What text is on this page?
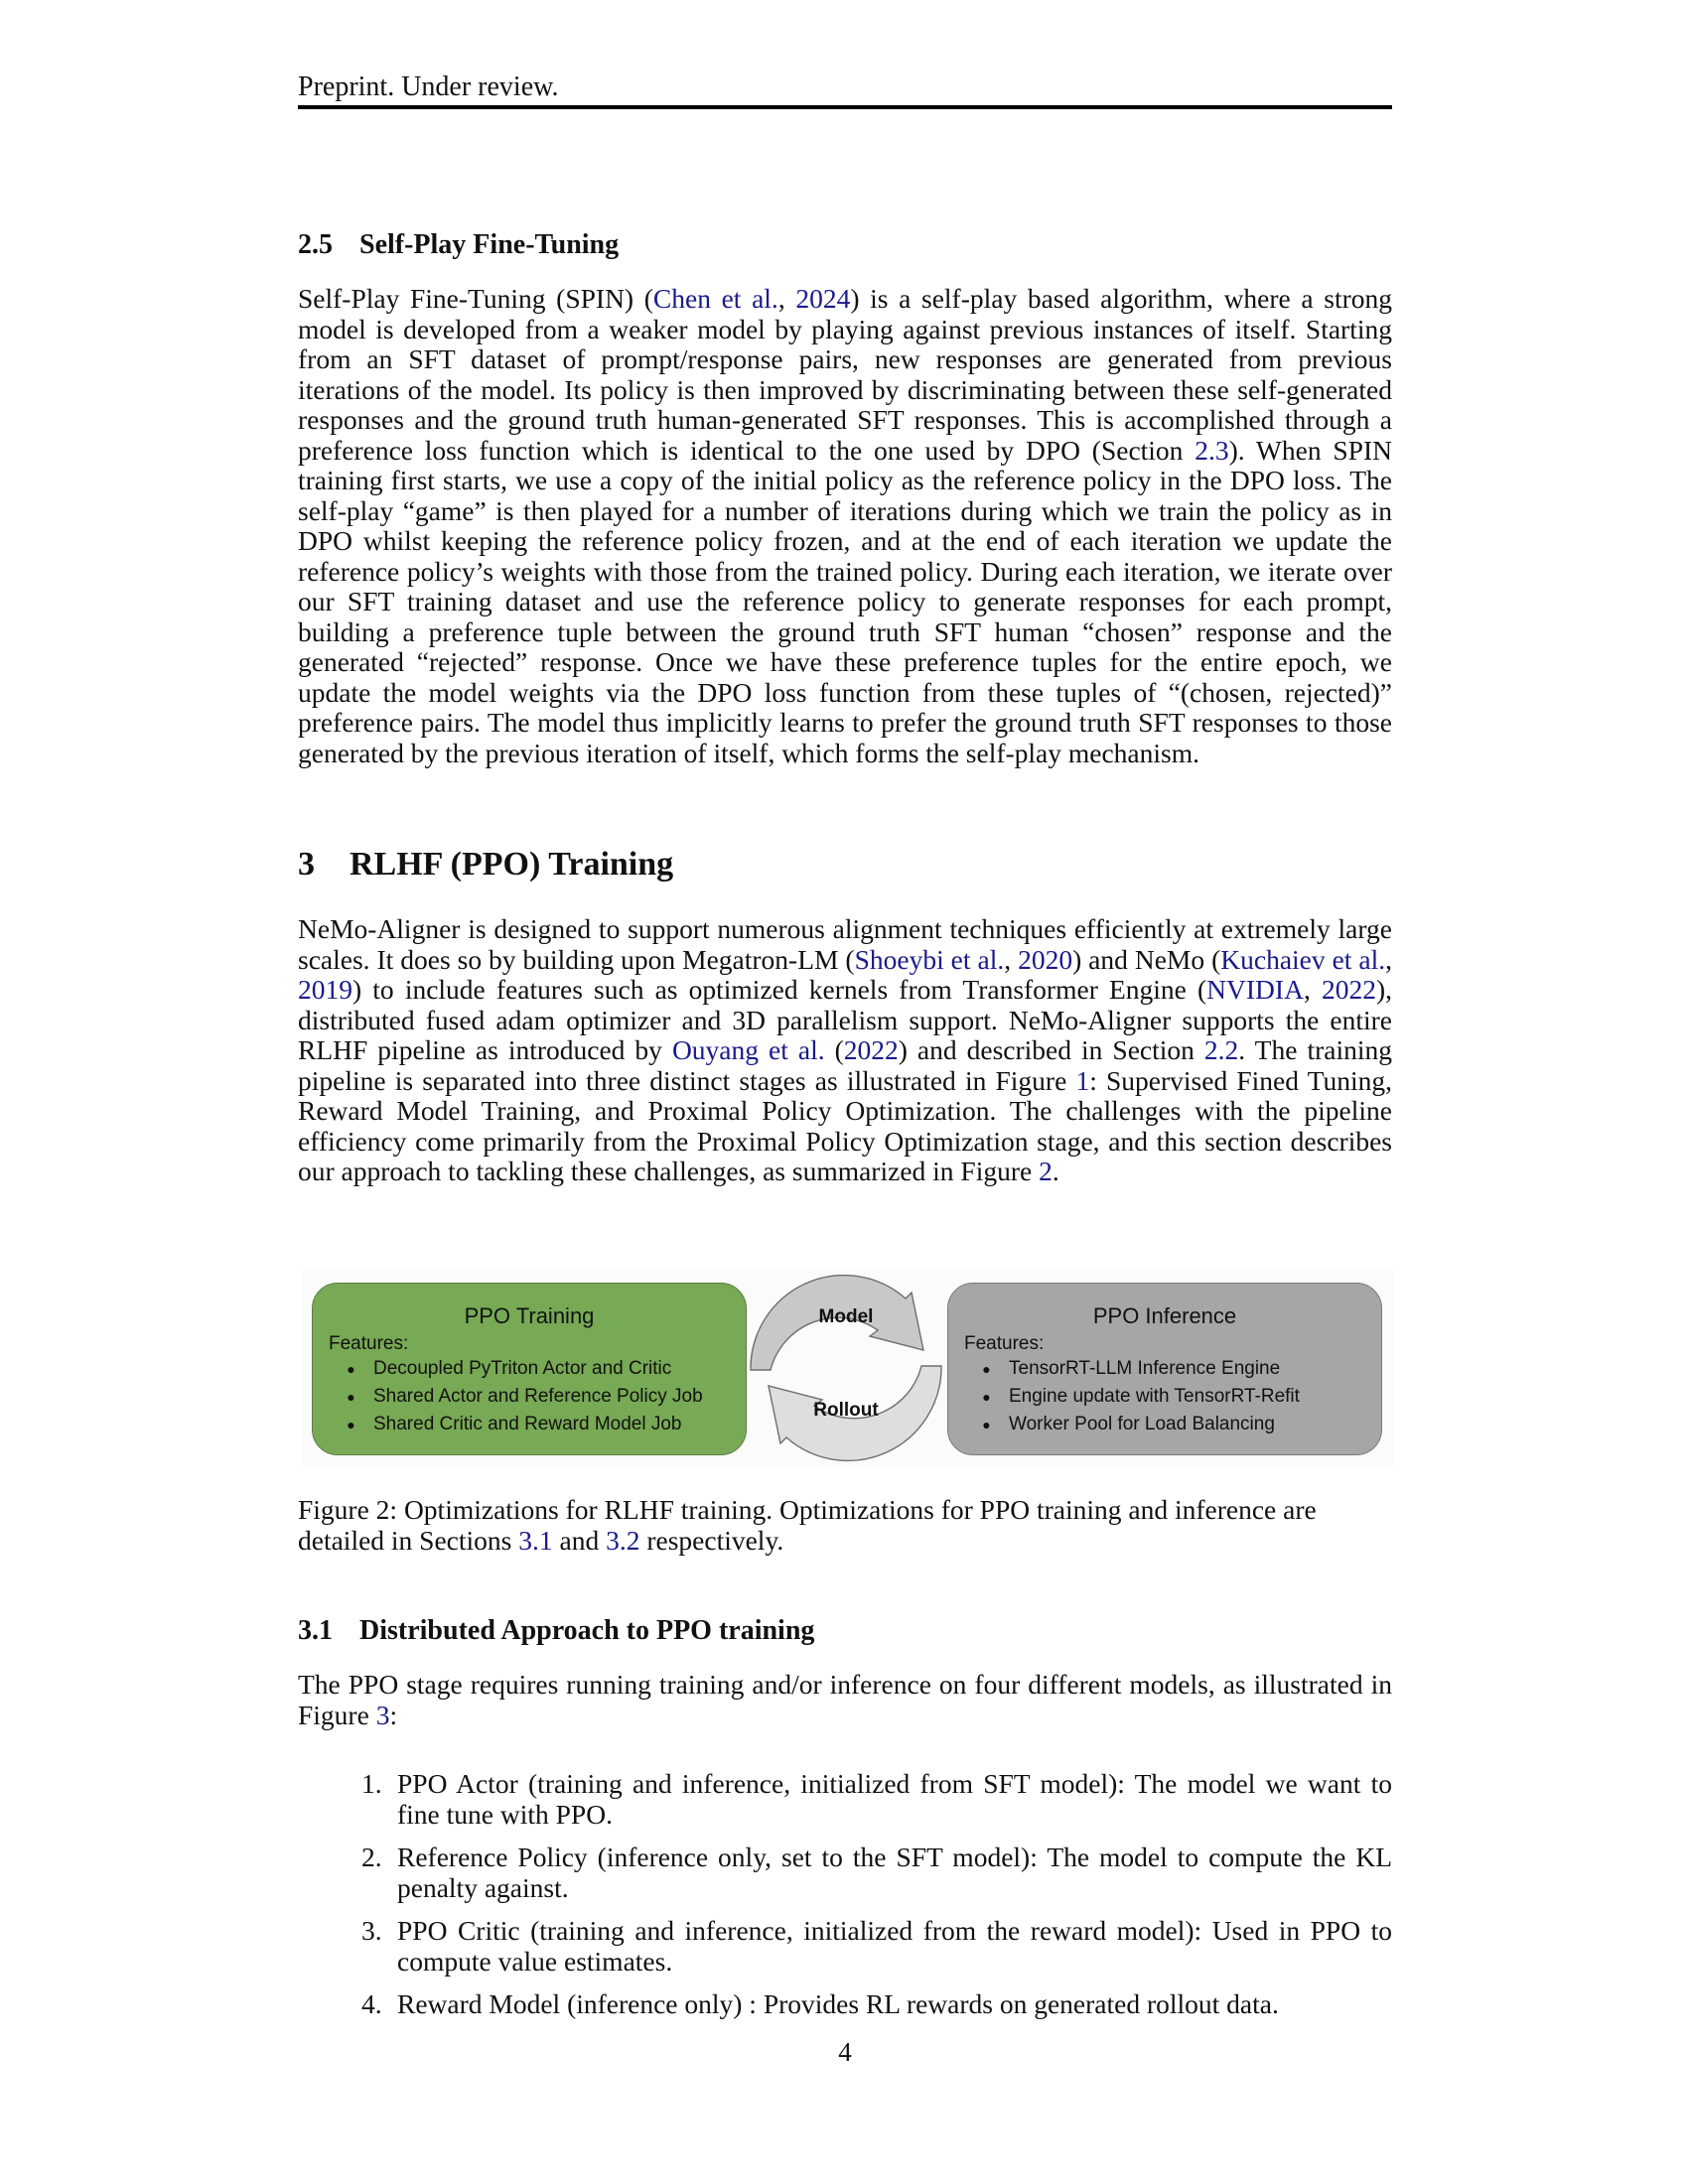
Preprint. Under review.
2.5 Self-Play Fine-Tuning
Self-Play Fine-Tuning (SPIN) (Chen et al., 2024) is a self-play based algorithm, where a strong model is developed from a weaker model by playing against previous instances of itself. Starting from an SFT dataset of prompt/response pairs, new responses are generated from previous iterations of the model. Its policy is then improved by discriminating between these self-generated responses and the ground truth human-generated SFT responses. This is accomplished through a preference loss function which is identical to the one used by DPO (Section 2.3). When SPIN training first starts, we use a copy of the initial policy as the reference policy in the DPO loss. The self-play “game” is then played for a number of iterations during which we train the policy as in DPO whilst keeping the reference policy frozen, and at the end of each iteration we update the reference policy’s weights with those from the trained policy. During each iteration, we iterate over our SFT training dataset and use the reference policy to generate responses for each prompt, building a preference tuple between the ground truth SFT human “chosen” response and the generated “rejected” response. Once we have these preference tuples for the entire epoch, we update the model weights via the DPO loss function from these tuples of “(chosen, rejected)” preference pairs. The model thus implicitly learns to prefer the ground truth SFT responses to those generated by the previous iteration of itself, which forms the self-play mechanism.
3 RLHF (PPO) Training
NeMo-Aligner is designed to support numerous alignment techniques efficiently at extremely large scales. It does so by building upon Megatron-LM (Shoeybi et al., 2020) and NeMo (Kuchaiev et al., 2019) to include features such as optimized kernels from Transformer Engine (NVIDIA, 2022), distributed fused adam optimizer and 3D parallelism support. NeMo-Aligner supports the entire RLHF pipeline as introduced by Ouyang et al. (2022) and described in Section 2.2. The training pipeline is separated into three distinct stages as illustrated in Figure 1: Supervised Fined Tuning, Reward Model Training, and Proximal Policy Optimization. The challenges with the pipeline efficiency come primarily from the Proximal Policy Optimization stage, and this section describes our approach to tackling these challenges, as summarized in Figure 2.
PPO Training
Features:
● Decoupled PyTriton Actor and Critic
● Shared Actor and Reference Policy Job
● Shared Critic and Reward Model Job
Model
Rollout
PPO Inference
Features:
● TensorRT-LLM Inference Engine
● Engine update with TensorRT-Refit
● Worker Pool for Load Balancing
Figure 2: Optimizations for RLHF training. Optimizations for PPO training and inference are detailed in Sections 3.1 and 3.2 respectively.
3.1 Distributed Approach to PPO training
The PPO stage requires running training and/or inference on four different models, as illustrated in Figure 3:
1. PPO Actor (training and inference, initialized from SFT model): The model we want to fine tune with PPO.
2. Reference Policy (inference only, set to the SFT model): The model to compute the KL penalty against.
3. PPO Critic (training and inference, initialized from the reward model): Used in PPO to compute value estimates.
4. Reward Model (inference only) : Provides RL rewards on generated rollout data.
4
